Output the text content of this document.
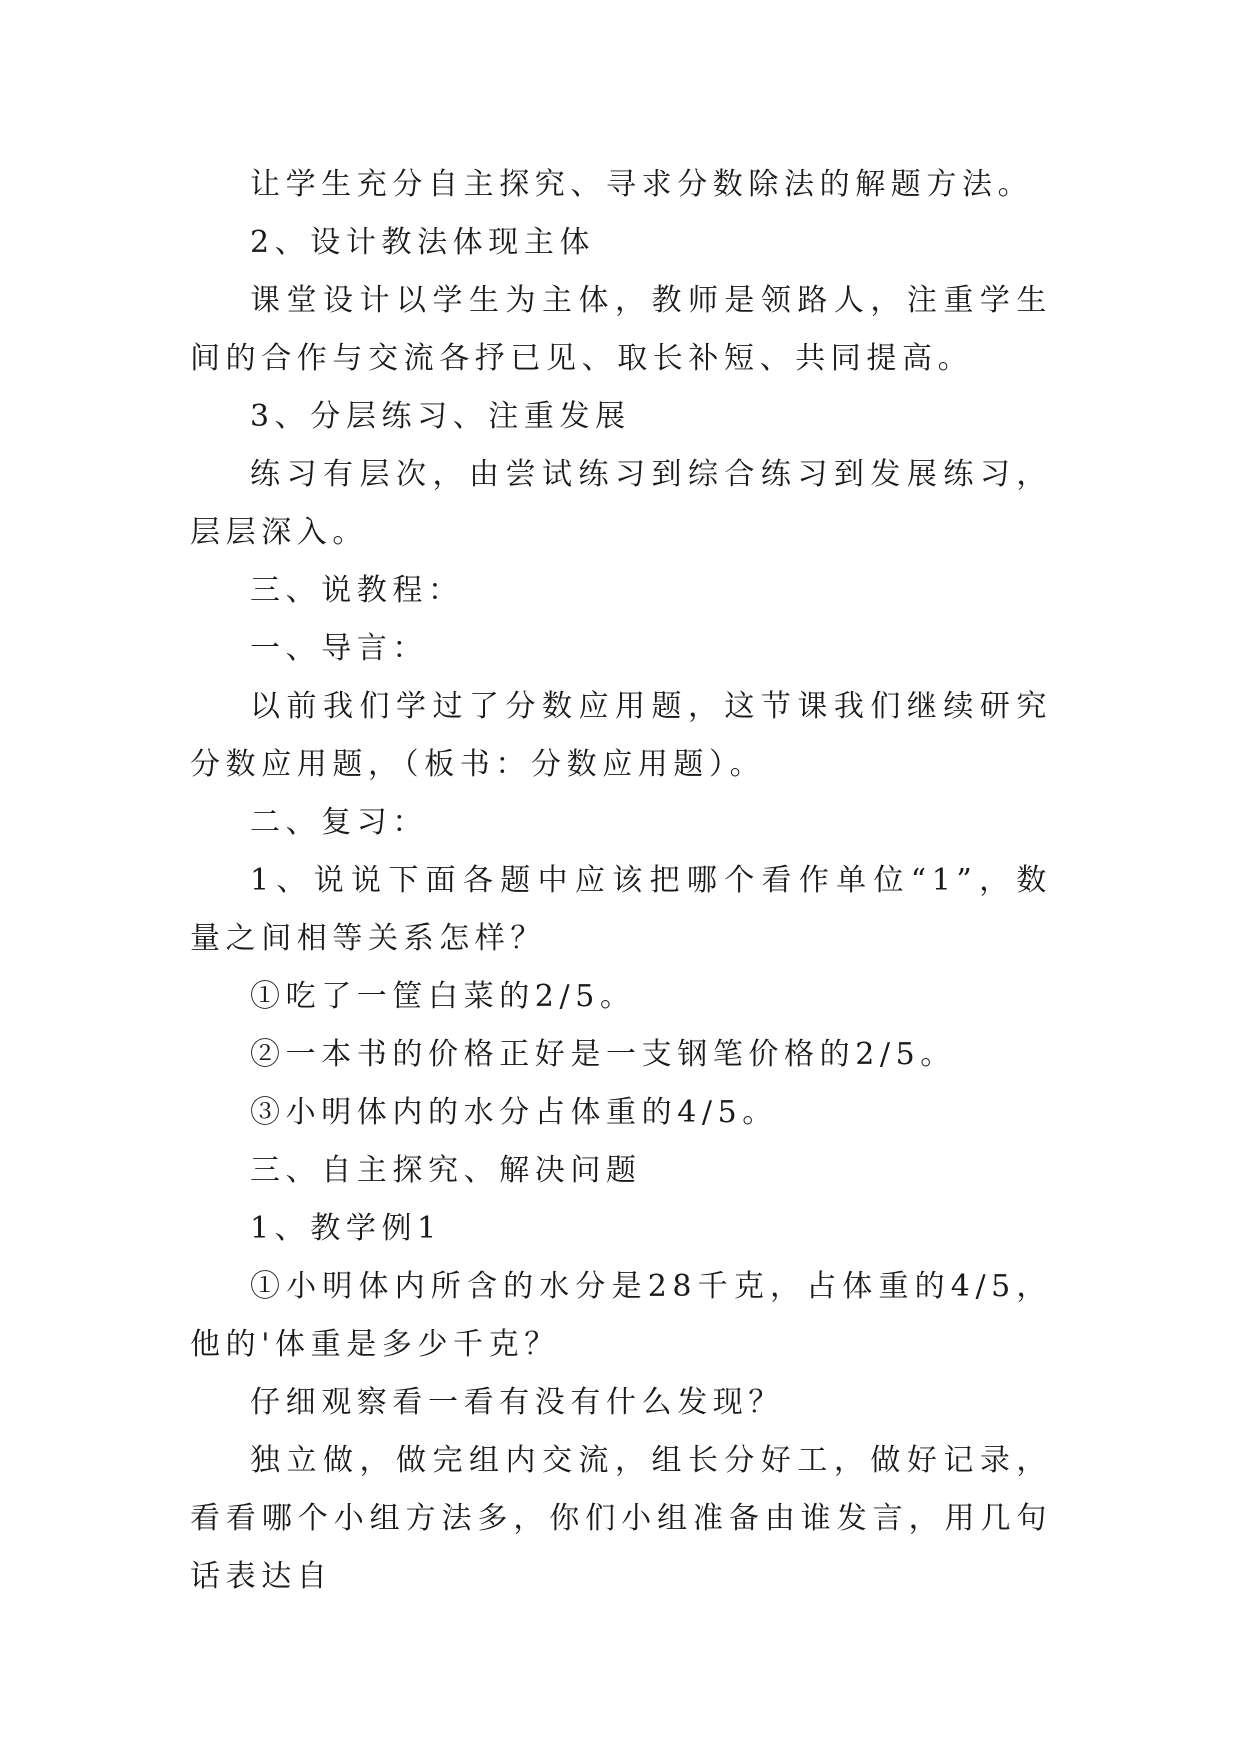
让学生充分自主探究、寻求分数除法的解题方法。

2、设计教法体现主体

课堂设计以学生为主体，教师是领路人，注重学生间的合作与交流各抒已见、取长补短、共同提高。

3、分层练习、注重发展

练习有层次，由尝试练习到综合练习到发展练习，层层深入。

三、说教程：

一、导言：

以前我们学过了分数应用题，这节课我们继续研究分数应用题，（板书：分数应用题）。

二、复习：

1、说说下面各题中应该把哪个看作单位“1”，数量之间相等关系怎样？

①吃了一筐白菜的2/5。

②一本书的价格正好是一支钢笔价格的2/5。

③小明体内的水分占体重的4/5。

三、自主探究、解决问题

1、教学例1

①小明体内所含的水分是28千克，占体重的4/5，他的'体重是多少千克？

仔细观察看一看有没有什么发现？

独立做，做完组内交流，组长分好工，做好记录，看看哪个小组方法多，你们小组准备由谁发言，用几句话表达自
